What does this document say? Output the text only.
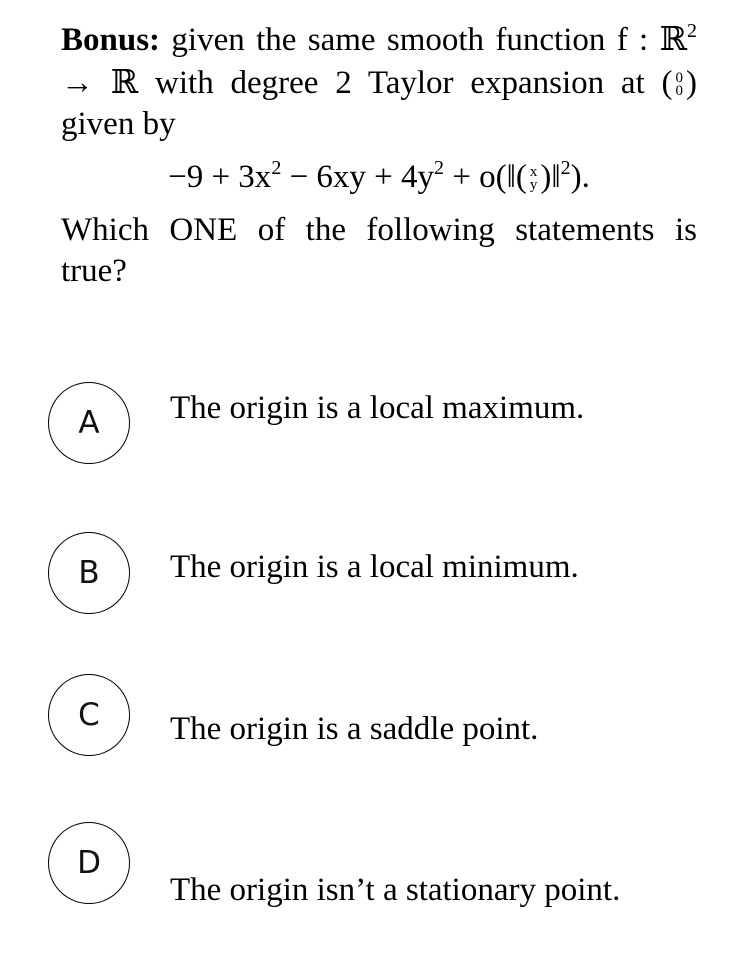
Bonus: given the same smooth function f : ℝ$^2$ → ℝ with degree 2 Taylor expansion at ( 0
0 ) given by

$-9 + 3x^2 - 6xy + 4y^2$ + o(‖( x
y )‖$^2$).

Which ONE of the following statements is true?

A	The origin is a local maximum.
B	The origin is a local minimum.
C	The origin is a saddle point.
D
The origin isn’t a stationary point.
